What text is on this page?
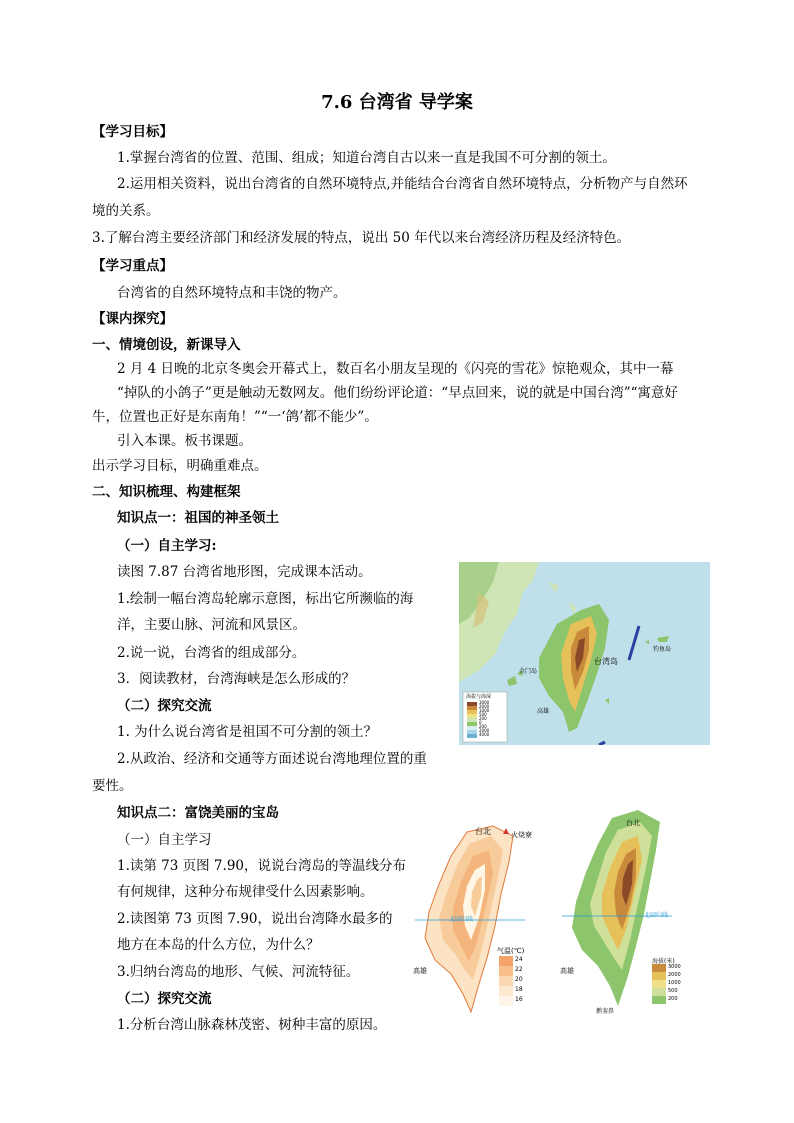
7.6 台湾省 导学案
【学习目标】
1.掌握台湾省的位置、范围、组成；知道台湾自古以来一直是我国不可分割的领土。
2.运用相关资料，说出台湾省的自然环境特点,并能结合台湾省自然环境特点，分析物产与自然环
境的关系。
3.了解台湾主要经济部门和经济发展的特点，说出 50 年代以来台湾经济历程及经济特色。
【学习重点】
台湾省的自然环境特点和丰饶的物产。
【课内探究】
一、情境创设，新课导入
2 月 4 日晚的北京冬奥会开幕式上，数百名小朋友呈现的《闪亮的雪花》惊艳观众，其中一幕
“掉队的小鸽子”更是触动无数网友。他们纷纷评论道：“早点回来，说的就是中国台湾”“寓意好
牛，位置也正好是东南角！”“一‘鸽’都不能少”。
引入本课。板书课题。
出示学习目标，明确重难点。
二、知识梳理、构建框架
知识点一：祖国的神圣领土
（一）自主学习:
读图 7.87 台湾省地形图，完成课本活动。
1.绘制一幅台湾岛轮廓示意图，标出它所濒临的海
洋，主要山脉、河流和风景区。
2.说一说，台湾省的组成部分。
3．阅读教材，台湾海峡是怎么形成的？
（二）探究交流
1. 为什么说台湾省是祖国不可分割的领土？
2.从政治、经济和交通等方面述说台湾地理位置的重
要性。
知识点二：富饶美丽的宝岛
（一）自主学习
1.读第 73 页图 7.90，说说台湾岛的等温线分布
有何规律，这种分布规律受什么因素影响。
2.读图第 73 页图 7.90，说出台湾降水最多的
地方在本岛的什么方位，为什么？
3.归纳台湾岛的地形、气候、河流特征。
（二）探究交流
1.分析台湾山脉森林茂密、树种丰富的原因。
台湾岛
金门岛
高雄
钓鱼岛
海拔与海深
3000
2000
1000
500
200
0
200
2000
4000
台北	火烧寮
高雄
北回归线
气温(℃)
24
22
20
18
16
台北
高雄
北回归线
鹅銮鼻
海拔(米)
3000
2000
1000
500
200
